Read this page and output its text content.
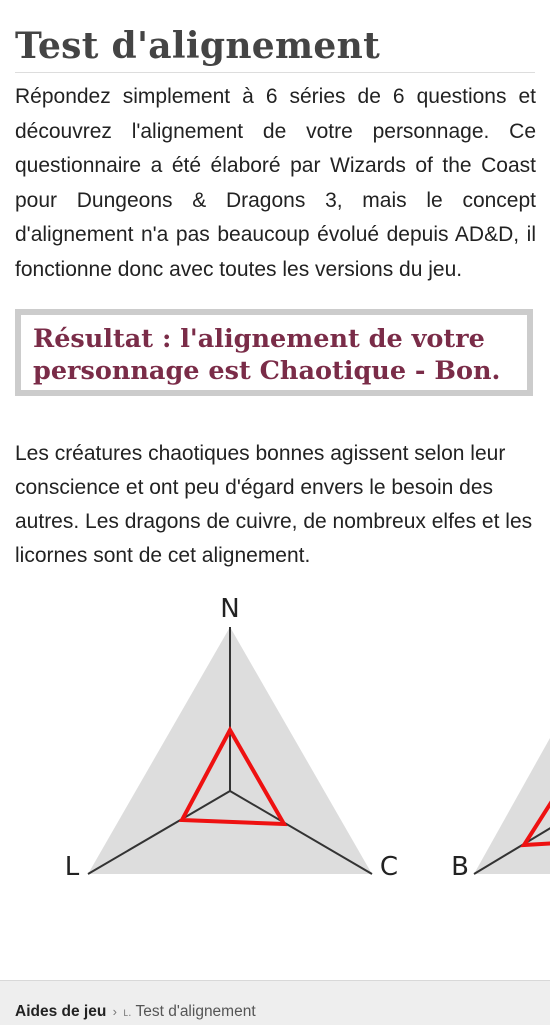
Test d'alignement

Répondez simplement à 6 séries de 6 questions et découvrez l'alignement de votre personnage. Ce questionnaire a été élaboré par Wizards of the Coast pour Dungeons & Dragons 3, mais le concept d'alignement n'a pas beaucoup évolué depuis AD&D, il fonctionne donc avec toutes les versions du jeu.

Résultat : l'alignement de votre
personnage est Chaotique - Bon.

Les créatures chaotiques bonnes agissent selon leur conscience et ont peu d'égard envers le besoin des autres. Les dragons de cuivre, de nombreux elfes et les licornes sont de cet alignement.

N
L	C B
Aides de jeu › ʟ. Test d'alignement
